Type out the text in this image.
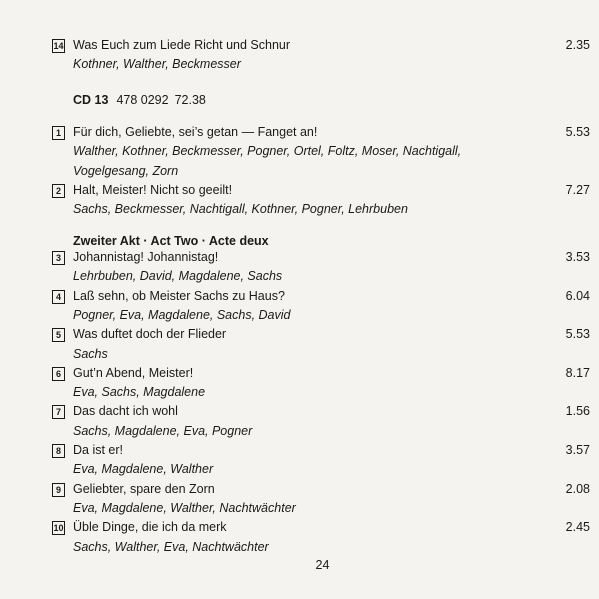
CD 13 478 0292 72.38
Zweiter Akt · Act Two · Acte deux
24
14 Was Euch zum Liede Richt und Schnur	2.35
Kothner, Walther, Beckmesser
1 Für dich, Geliebte, sei’s getan — Fanget an!	5.53
Walther, Kothner, Beckmesser, Pogner, Ortel, Foltz, Moser, Nachtigall,
Vogelgesang, Zorn
2 Halt, Meister! Nicht so geeilt!	7.27
Sachs, Beckmesser, Nachtigall, Kothner, Pogner, Lehrbuben
3 Johannistag! Johannistag!	3.53
Lehrbuben, David, Magdalene, Sachs
4 Laß sehn, ob Meister Sachs zu Haus?	6.04
Pogner, Eva, Magdalene, Sachs, David
5 Was duftet doch der Flieder	5.53
Sachs
6 Gut’n Abend, Meister!	8.17
Eva, Sachs, Magdalene
7 Das dacht ich wohl	1.56
Sachs, Magdalene, Eva, Pogner
8 Da ist er!	3.57
Eva, Magdalene, Walther
9 Geliebter, spare den Zorn	2.08
Eva, Magdalene, Walther, Nachtwächter
10 Üble Dinge, die ich da merk	2.45
Sachs, Walther, Eva, Nachtwächter
